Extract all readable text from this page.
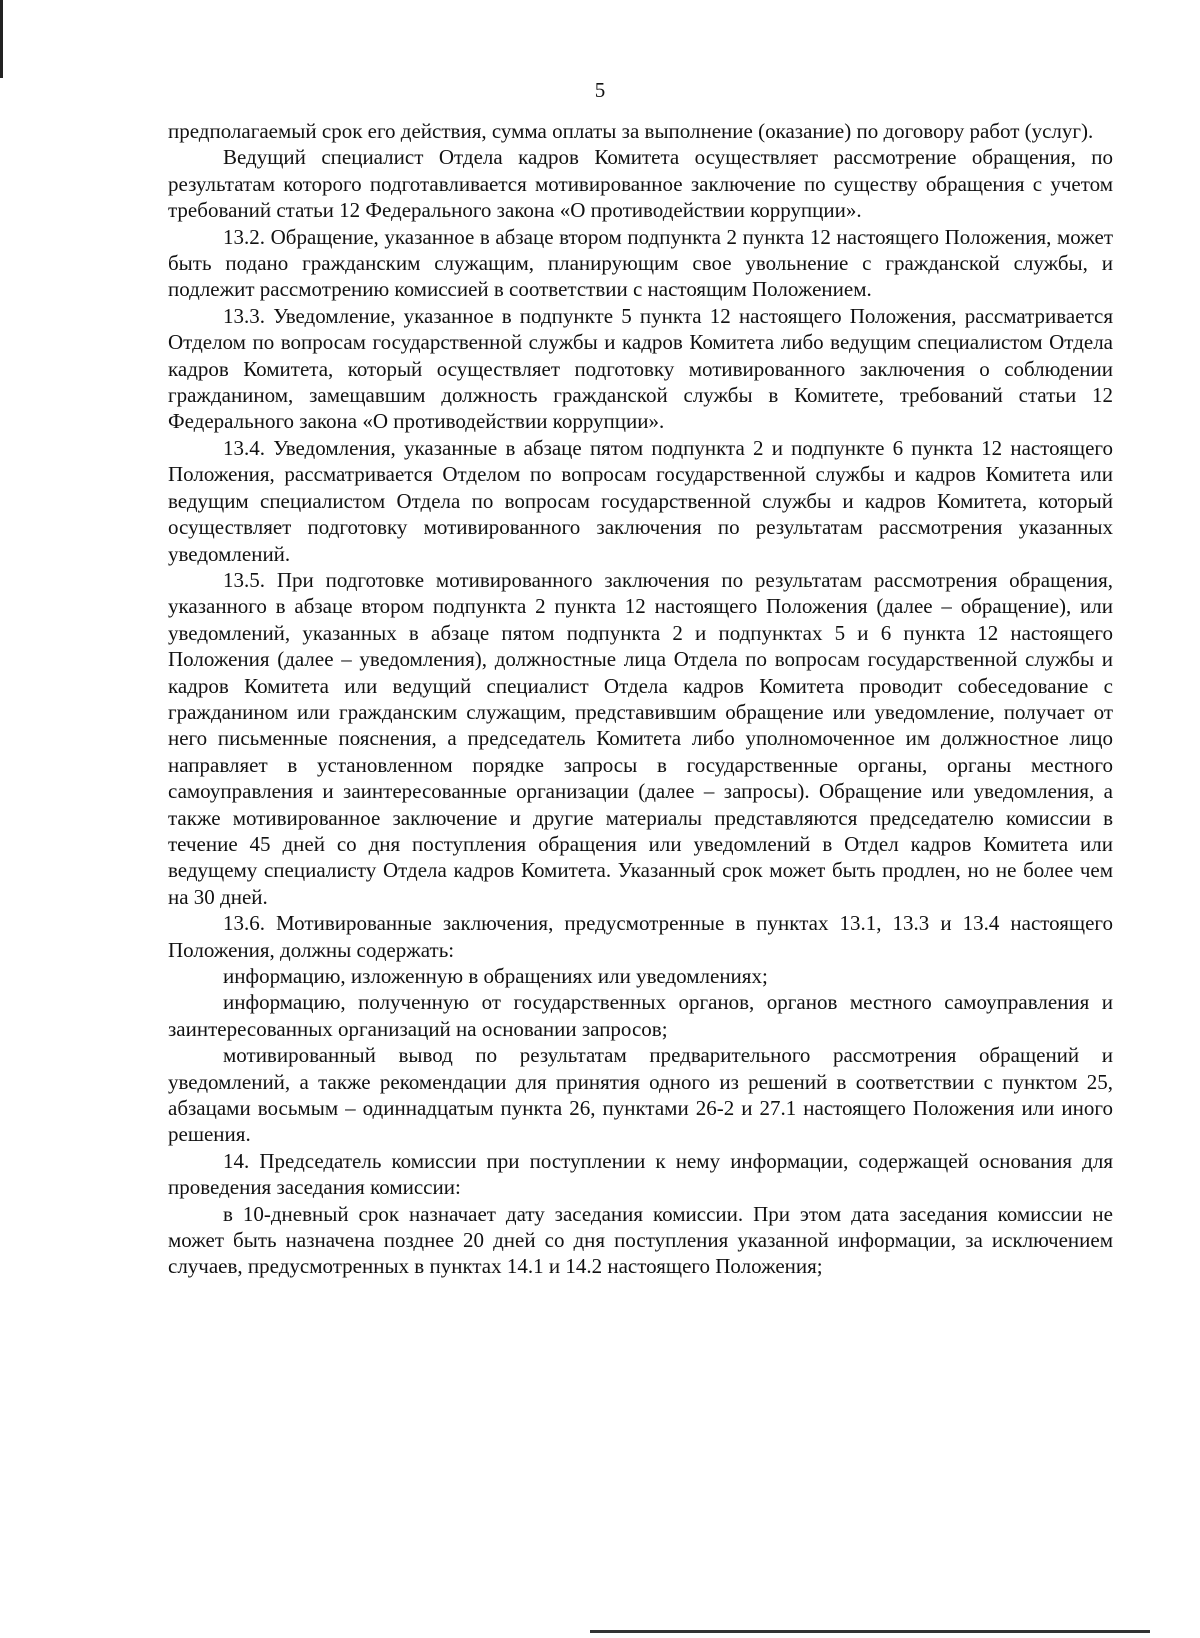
5

предполагаемый срок его действия, сумма оплаты за выполнение (оказание) по договору работ (услуг).

Ведущий специалист Отдела кадров Комитета осуществляет рассмотрение обращения, по результатам которого подготавливается мотивированное заключение по существу обращения с учетом требований статьи 12 Федерального закона «О противодействии коррупции».

13.2. Обращение, указанное в абзаце втором подпункта 2 пункта 12 настоящего Положения, может быть подано гражданским служащим, планирующим свое увольнение с гражданской службы, и подлежит рассмотрению комиссией в соответствии с настоящим Положением.

13.3. Уведомление, указанное в подпункте 5 пункта 12 настоящего Положения, рассматривается Отделом по вопросам государственной службы и кадров Комитета либо ведущим специалистом Отдела кадров Комитета, который осуществляет подготовку мотивированного заключения о соблюдении гражданином, замещавшим должность гражданской службы в Комитете, требований статьи 12 Федерального закона «О противодействии коррупции».

13.4. Уведомления, указанные в абзаце пятом подпункта 2 и подпункте 6 пункта 12 настоящего Положения, рассматривается Отделом по вопросам государственной службы и кадров Комитета или ведущим специалистом Отдела по вопросам государственной службы и кадров Комитета, который осуществляет подготовку мотивированного заключения по результатам рассмотрения указанных уведомлений.

13.5. При подготовке мотивированного заключения по результатам рассмотрения обращения, указанного в абзаце втором подпункта 2 пункта 12 настоящего Положения (далее – обращение), или уведомлений, указанных в абзаце пятом подпункта 2 и подпунктах 5 и 6 пункта 12 настоящего Положения (далее – уведомления), должностные лица Отдела по вопросам государственной службы и кадров Комитета или ведущий специалист Отдела кадров Комитета проводит собеседование с гражданином или гражданским служащим, представившим обращение или уведомление, получает от него письменные пояснения, а председатель Комитета либо уполномоченное им должностное лицо направляет в установленном порядке запросы в государственные органы, органы местного самоуправления и заинтересованные организации (далее – запросы). Обращение или уведомления, а также мотивированное заключение и другие материалы представляются председателю комиссии в течение 45 дней со дня поступления обращения или уведомлений в Отдел кадров Комитета или ведущему специалисту Отдела кадров Комитета. Указанный срок может быть продлен, но не более чем на 30 дней.

13.6. Мотивированные заключения, предусмотренные в пунктах 13.1, 13.3 и 13.4 настоящего Положения, должны содержать:

информацию, изложенную в обращениях или уведомлениях;

информацию, полученную от государственных органов, органов местного самоуправления и заинтересованных организаций на основании запросов;

мотивированный вывод по результатам предварительного рассмотрения обращений и уведомлений, а также рекомендации для принятия одного из решений в соответствии с пунктом 25, абзацами восьмым – одиннадцатым пункта 26, пунктами 26-2 и 27.1 настоящего Положения или иного решения.

14. Председатель комиссии при поступлении к нему информации, содержащей основания для проведения заседания комиссии:

в 10-дневный срок назначает дату заседания комиссии. При этом дата заседания комиссии не может быть назначена позднее 20 дней со дня поступления указанной информации, за исключением случаев, предусмотренных в пунктах 14.1 и 14.2 настоящего Положения;
